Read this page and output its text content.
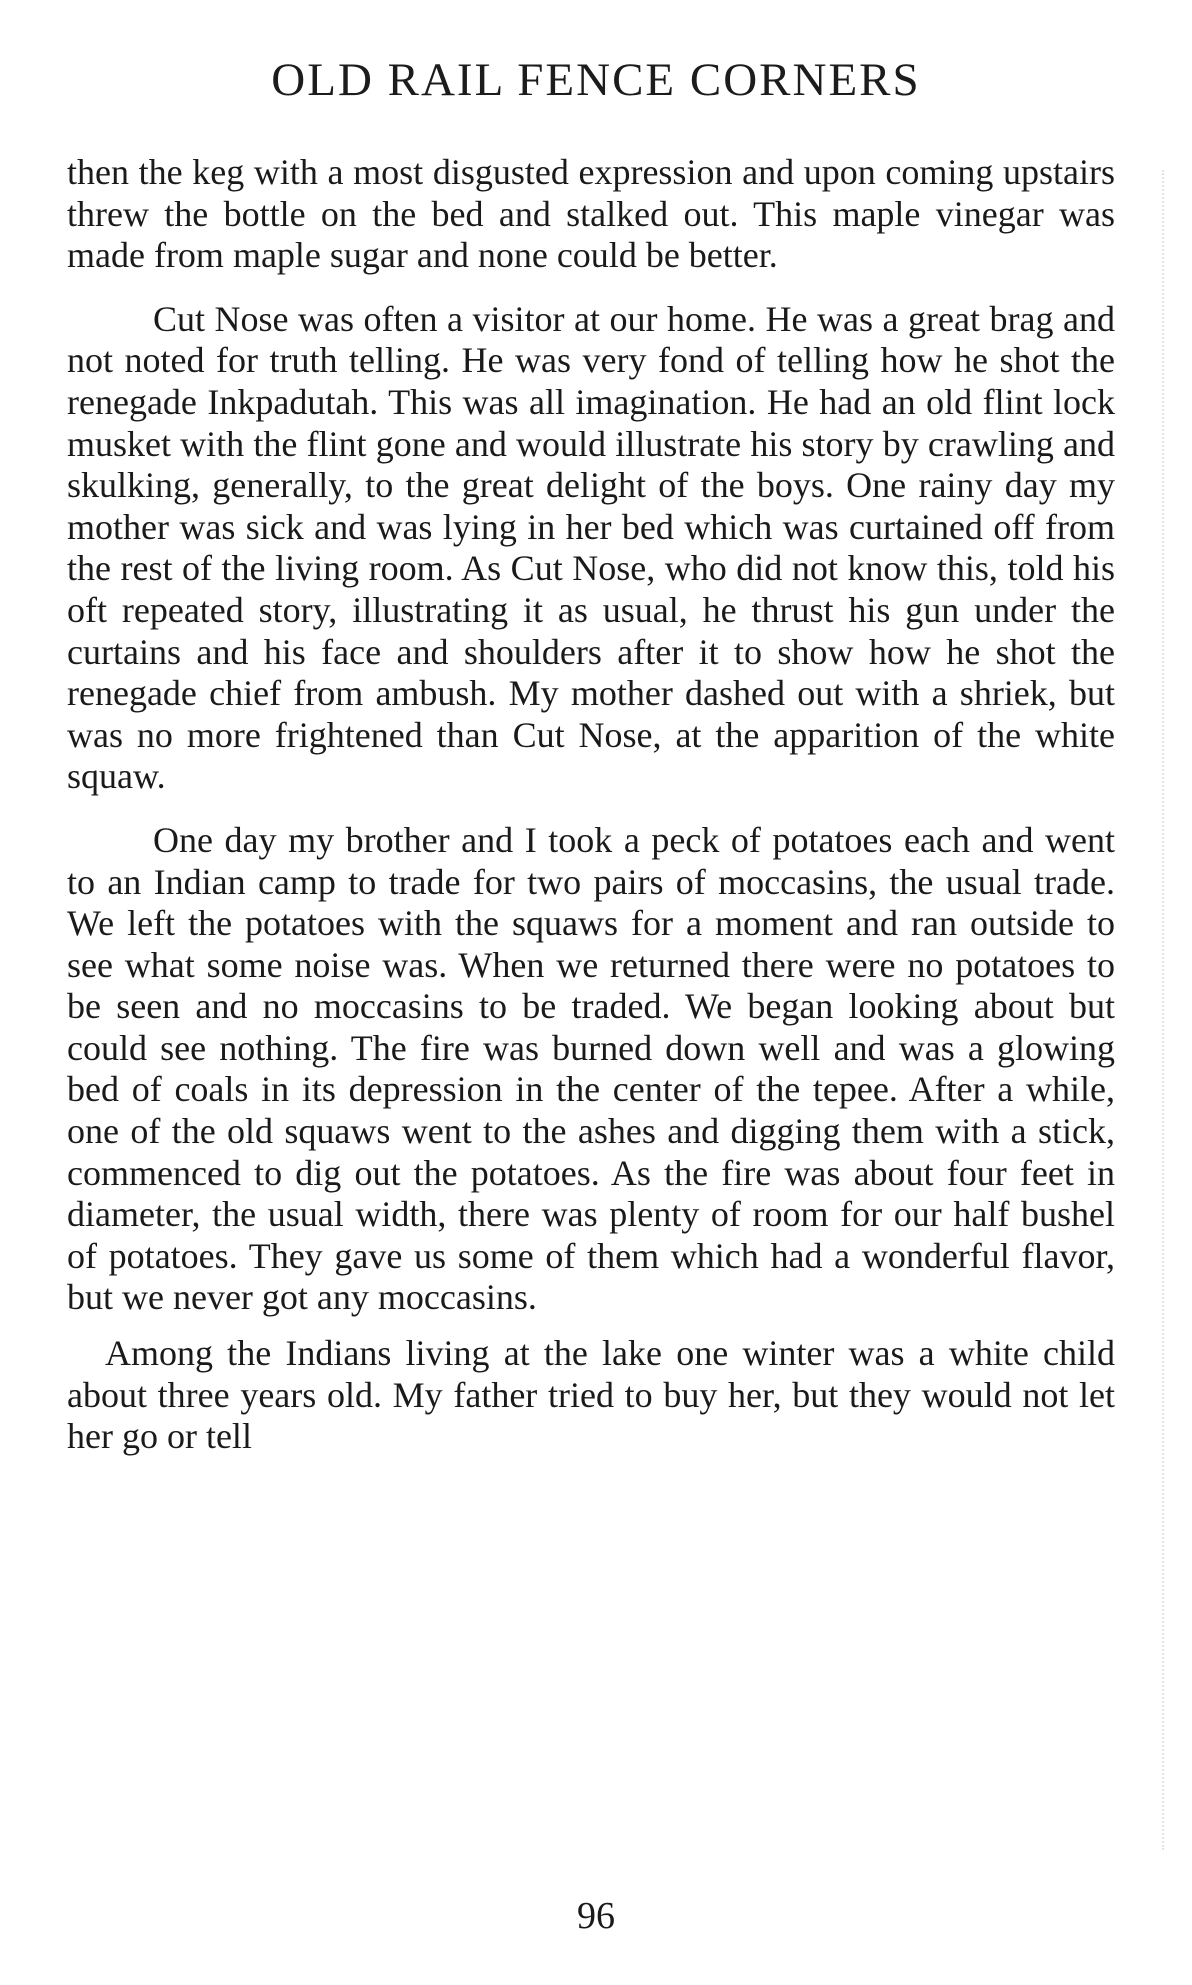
OLD RAIL FENCE CORNERS

then the keg with a most disgusted expression and upon coming upstairs threw the bottle on the bed and stalked out. This maple vinegar was made from maple sugar and none could be better.

Cut Nose was often a visitor at our home. He was a great brag and not noted for truth telling. He was very fond of telling how he shot the renegade Inkpadutah. This was all imagination. He had an old flint lock musket with the flint gone and would illustrate his story by crawling and skulking, generally, to the great delight of the boys. One rainy day my mother was sick and was lying in her bed which was curtained off from the rest of the living room. As Cut Nose, who did not know this, told his oft repeated story, illustrating it as usual, he thrust his gun under the curtains and his face and shoulders after it to show how he shot the renegade chief from ambush. My mother dashed out with a shriek, but was no more frightened than Cut Nose, at the apparition of the white squaw.

One day my brother and I took a peck of potatoes each and went to an Indian camp to trade for two pairs of moccasins, the usual trade. We left the potatoes with the squaws for a moment and ran outside to see what some noise was. When we returned there were no potatoes to be seen and no moccasins to be traded. We began looking about but could see nothing. The fire was burned down well and was a glowing bed of coals in its depression in the center of the tepee. After a while, one of the old squaws went to the ashes and digging them with a stick, commenced to dig out the potatoes. As the fire was about four feet in diameter, the usual width, there was plenty of room for our half bushel of potatoes. They gave us some of them which had a wonderful flavor, but we never got any moccasins.

Among the Indians living at the lake one winter was a white child about three years old. My father tried to buy her, but they would not let her go or tell

96
